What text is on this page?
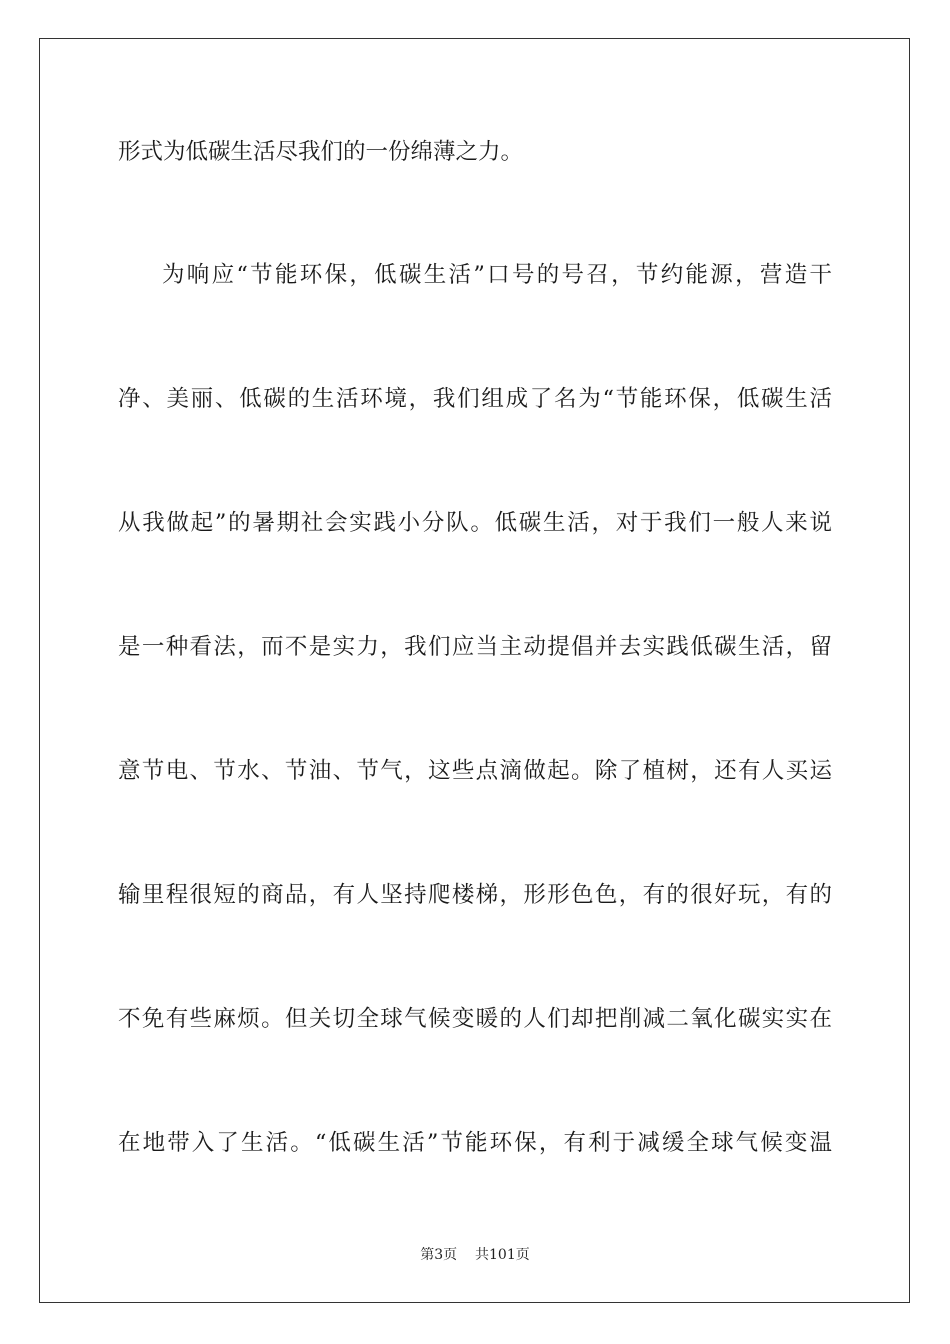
形式为低碳生活尽我们的一份绵薄之力。
为响应“节能环保，低碳生活”口号的号召，节约能源，营造干
净、美丽、低碳的生活环境，我们组成了名为“节能环保，低碳生活
从我做起”的暑期社会实践小分队。低碳生活，对于我们一般人来说
是一种看法，而不是实力，我们应当主动提倡并去实践低碳生活，留
意节电、节水、节油、节气，这些点滴做起。除了植树，还有人买运
输里程很短的商品，有人坚持爬楼梯，形形色色，有的很好玩，有的
不免有些麻烦。但关切全球气候变暖的人们却把削减二氧化碳实实在
在地带入了生活。“低碳生活”节能环保，有利于减缓全球气候变温
第3页 共101页
